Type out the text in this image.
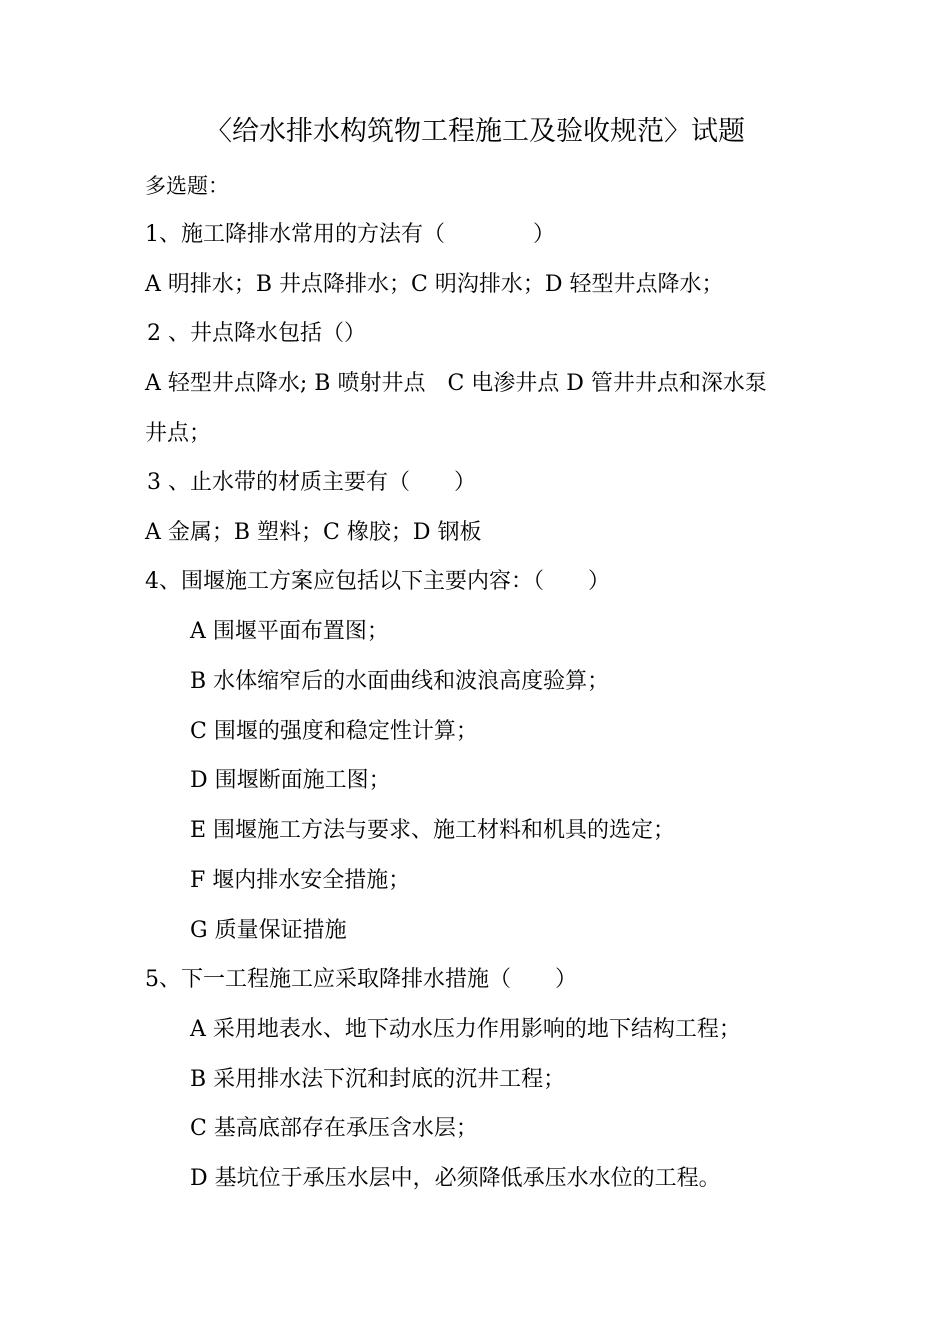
〈给水排水构筑物工程施工及验收规范〉试题
多选题：
1、施工降排水常用的方法有（　　　　）
A 明排水；B 井点降排水；C 明沟排水；D 轻型井点降水；
2 、井点降水包括（）
A 轻型井点降水; B 喷射井点　C 电渗井点 D 管井井点和深水泵
井点；
3 、止水带的材质主要有（　　）
A 金属；B 塑料；C 橡胶；D 钢板
4、围堰施工方案应包括以下主要内容：（　　）
A 围堰平面布置图；
B 水体缩窄后的水面曲线和波浪高度验算；
C 围堰的强度和稳定性计算；
D 围堰断面施工图；
E 围堰施工方法与要求、施工材料和机具的选定；
F 堰内排水安全措施；
G 质量保证措施
5、下一工程施工应采取降排水措施（　　）
A 采用地表水、地下动水压力作用影响的地下结构工程；
B 采用排水法下沉和封底的沉井工程；
C 基高底部存在承压含水层；
D 基坑位于承压水层中，必须降低承压水水位的工程。
